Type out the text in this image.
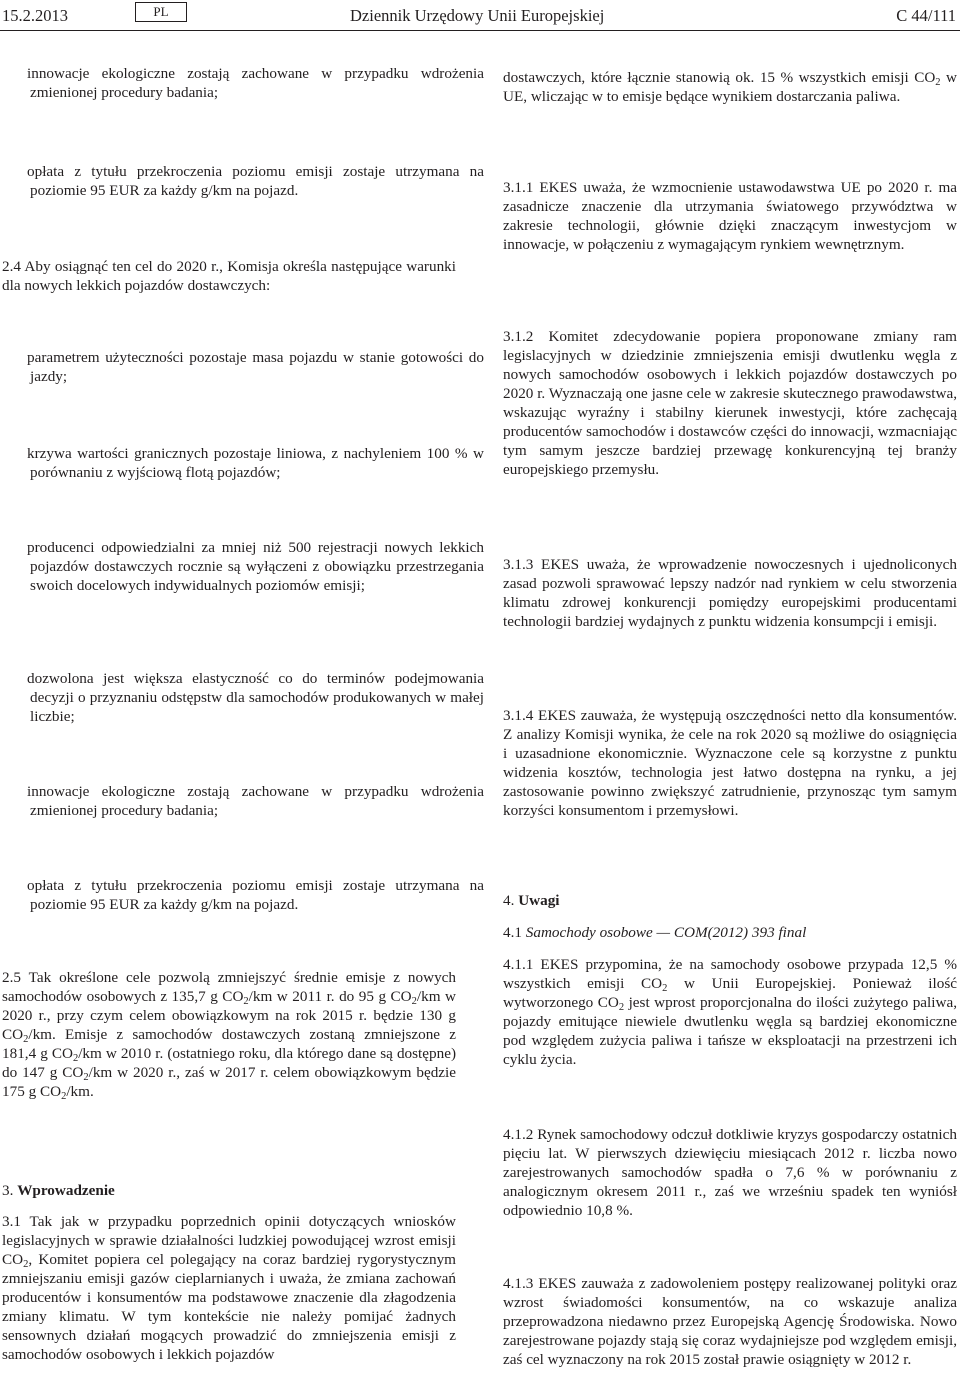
15.2.2013	PL	Dziennik Urzędowy Unii Europejskiej	C 44/111

innowacje ekologiczne zostają zachowane w przypadku wdrożenia zmienionej procedury badania;

opłata z tytułu przekroczenia poziomu emisji zostaje utrzymana na poziomie 95 EUR za każdy g/km na pojazd.

2.4 Aby osiągnąć ten cel do 2020 r., Komisja określa następujące warunki dla nowych lekkich pojazdów dostawczych:

parametrem użyteczności pozostaje masa pojazdu w stanie gotowości do jazdy;

krzywa wartości granicznych pozostaje liniowa, z nachyleniem 100 % w porównaniu z wyjściową flotą pojazdów;

producenci odpowiedzialni za mniej niż 500 rejestracji nowych lekkich pojazdów dostawczych rocznie są wyłączeni z obowiązku przestrzegania swoich docelowych indywidualnych poziomów emisji;

dozwolona jest większa elastyczność co do terminów podejmowania decyzji o przyznaniu odstępstw dla samochodów produkowanych w małej liczbie;

innowacje ekologiczne zostają zachowane w przypadku wdrożenia zmienionej procedury badania;

opłata z tytułu przekroczenia poziomu emisji zostaje utrzymana na poziomie 95 EUR za każdy g/km na pojazd.

2.5 Tak określone cele pozwolą zmniejszyć średnie emisje z nowych samochodów osobowych z 135,7 g $CO_2/km$ w 2011 r. do 95 g $CO_2/km$ w 2020 r., przy czym celem obowiązkowym na rok 2015 r. będzie 130 g $CO_2/km$. Emisje z samochodów dostawczych zostaną zmniejszone z 181,4 g $CO_2/km$ w 2010 r. (ostatniego roku, dla którego dane są dostępne) do 147 g $CO_2/km$ w 2020 r., zaś w 2017 r. celem obowiązkowym będzie 175 g $CO_2/km$.

3. Wprowadzenie

3.1 Tak jak w przypadku poprzednich opinii dotyczących wniosków legislacyjnych w sprawie działalności ludzkiej powodującej wzrost emisji $CO_2$, Komitet popiera cel polegający na coraz bardziej rygorystycznym zmniejszaniu emisji gazów cieplarnianych i uważa, że zmiana zachowań producentów i konsumentów ma podstawowe znaczenie dla złagodzenia zmiany klimatu. W tym kontekście nie należy pomijać żadnych sensownych działań mogących prowadzić do zmniejszenia emisji z samochodów osobowych i lekkich pojazdów

dostawczych, które łącznie stanowią ok. 15 % wszystkich emisji $CO_2$ w UE, wliczając w to emisje będące wynikiem dostarczania paliwa.

3.1.1 EKES uważa, że wzmocnienie ustawodawstwa UE po 2020 r. ma zasadnicze znaczenie dla utrzymania światowego przywództwa w zakresie technologii, głównie dzięki znaczącym inwestycjom w innowacje, w połączeniu z wymagającym rynkiem wewnętrznym.

3.1.2 Komitet zdecydowanie popiera proponowane zmiany ram legislacyjnych w dziedzinie zmniejszenia emisji dwutlenku węgla z nowych samochodów osobowych i lekkich pojazdów dostawczych po 2020 r. Wyznaczają one jasne cele w zakresie skutecznego prawodawstwa, wskazując wyraźny i stabilny kierunek inwestycji, które zachęcają producentów samochodów i dostawców części do innowacji, wzmacniając tym samym jeszcze bardziej przewagę konkurencyjną tej branży europejskiego przemysłu.

3.1.3 EKES uważa, że wprowadzenie nowoczesnych i ujednoliconych zasad pozwoli sprawować lepszy nadzór nad rynkiem w celu stworzenia klimatu zdrowej konkurencji pomiędzy europejskimi producentami technologii bardziej wydajnych z punktu widzenia konsumpcji i emisji.

3.1.4 EKES zauważa, że występują oszczędności netto dla konsumentów. Z analizy Komisji wynika, że cele na rok 2020 są możliwe do osiągnięcia i uzasadnione ekonomicznie. Wyznaczone cele są korzystne z punktu widzenia kosztów, technologia jest łatwo dostępna na rynku, a jej zastosowanie powinno zwiększyć zatrudnienie, przynosząc tym samym korzyści konsumentom i przemysłowi.

4. Uwagi

4.1 Samochody osobowe — COM(2012) 393 final

4.1.1 EKES przypomina, że na samochody osobowe przypada 12,5 % wszystkich emisji $CO_2$ w Unii Europejskiej. Ponieważ ilość wytworzonego $CO_2$ jest wprost proporcjonalna do ilości zużytego paliwa, pojazdy emitujące niewiele dwutlenku węgla są bardziej ekonomiczne pod względem zużycia paliwa i tańsze w eksploatacji na przestrzeni ich cyklu życia.

4.1.2 Rynek samochodowy odczuł dotkliwie kryzys gospodarczy ostatnich pięciu lat. W pierwszych dziewięciu miesiącach 2012 r. liczba nowo zarejestrowanych samochodów spadła o 7,6 % w porównaniu z analogicznym okresem 2011 r., zaś we wrześniu spadek ten wyniósł odpowiednio 10,8 %.

4.1.3 EKES zauważa z zadowoleniem postępy realizowanej polityki oraz wzrost świadomości konsumentów, na co wskazuje analiza przeprowadzona niedawno przez Europejską Agencję Środowiska. Nowo zarejestrowane pojazdy stają się coraz wydajniejsze pod względem emisji, zaś cel wyznaczony na rok 2015 został prawie osiągnięty w 2012 r.
